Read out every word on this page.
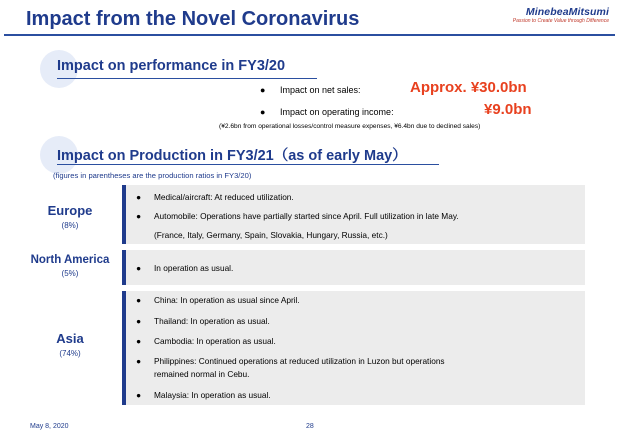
Impact from the Novel Coronavirus	MinebeaMitsumi
Passion to Create Value through Difference
Impact on performance in FY3/20
● Impact on net sales:	Approx. ¥30.0bn
● Impact on operating income:	¥9.0bn
(¥2.6bn from operational losses/control measure expenses, ¥6.4bn due to declined sales)
Impact on Production in FY3/21（as of early May）
(figures in parentheses are the production ratios in FY3/20)
Europe
(8%)
● Medical/aircraft: At reduced utilization.
● Automobile: Operations have partially started since April. Full utilization in late May.
(France, Italy, Germany, Spain, Slovakia, Hungary, Russia, etc.)
North America
(5%)
● In operation as usual.
Asia
(74%)
● China: In operation as usual since April.
● Thailand: In operation as usual.
● Cambodia: In operation as usual.
● Philippines: Continued operations at reduced utilization in Luzon but operations
remained normal in Cebu.
● Malaysia: In operation as usual.
May 8, 2020	28
